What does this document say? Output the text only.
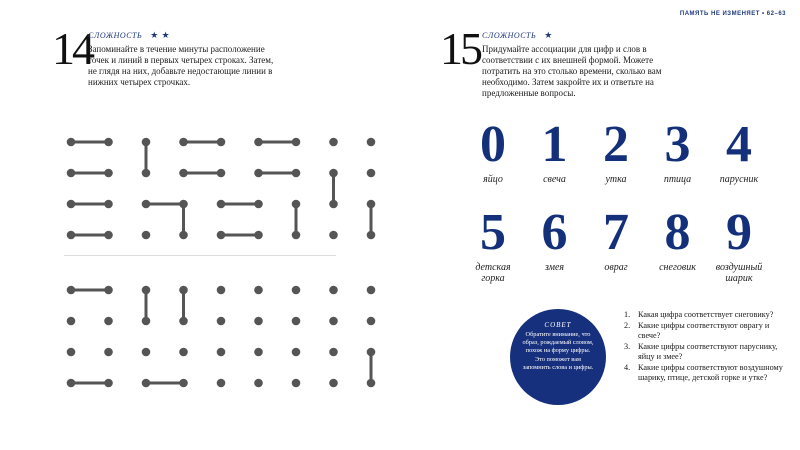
14
СЛОЖНОСТЬ ★ ★

Запоминайте в течение минуты расположение точек и линий в первых четырех строках. Затем, не глядя на них, добавьте недостающие линии в нижних четырех строчках.

ПАМЯТЬ НЕ ИЗМЕНЯЕТ • 62–63
15 СЛОЖНОСТЬ ★

Придумайте ассоциации для цифр и слов в соответствии с их внешней формой. Можете потратить на это столько времени, сколько вам необходимо. Затем закройте их и ответьте на предложенные вопросы.

0
яйцо
1
свеча
2
утка
3
птица
4
парусник
5
детская горка
6
змея
7
овраг
8
снеговик
9
воздушный шарик
СОВЕТ
Обратите внимание, что образ, рождаемый словом, похож на форму цифры. Это поможет вам запомнить слова и цифры.
1. Какая цифра соответствует снеговику?
2. Какие цифры соответствуют оврагу и свече?
3. Какие цифры соответствуют паруснику, яйцу и змее?
4. Какие цифры соответствуют воздушному шарику, птице, детской горке и утке?
